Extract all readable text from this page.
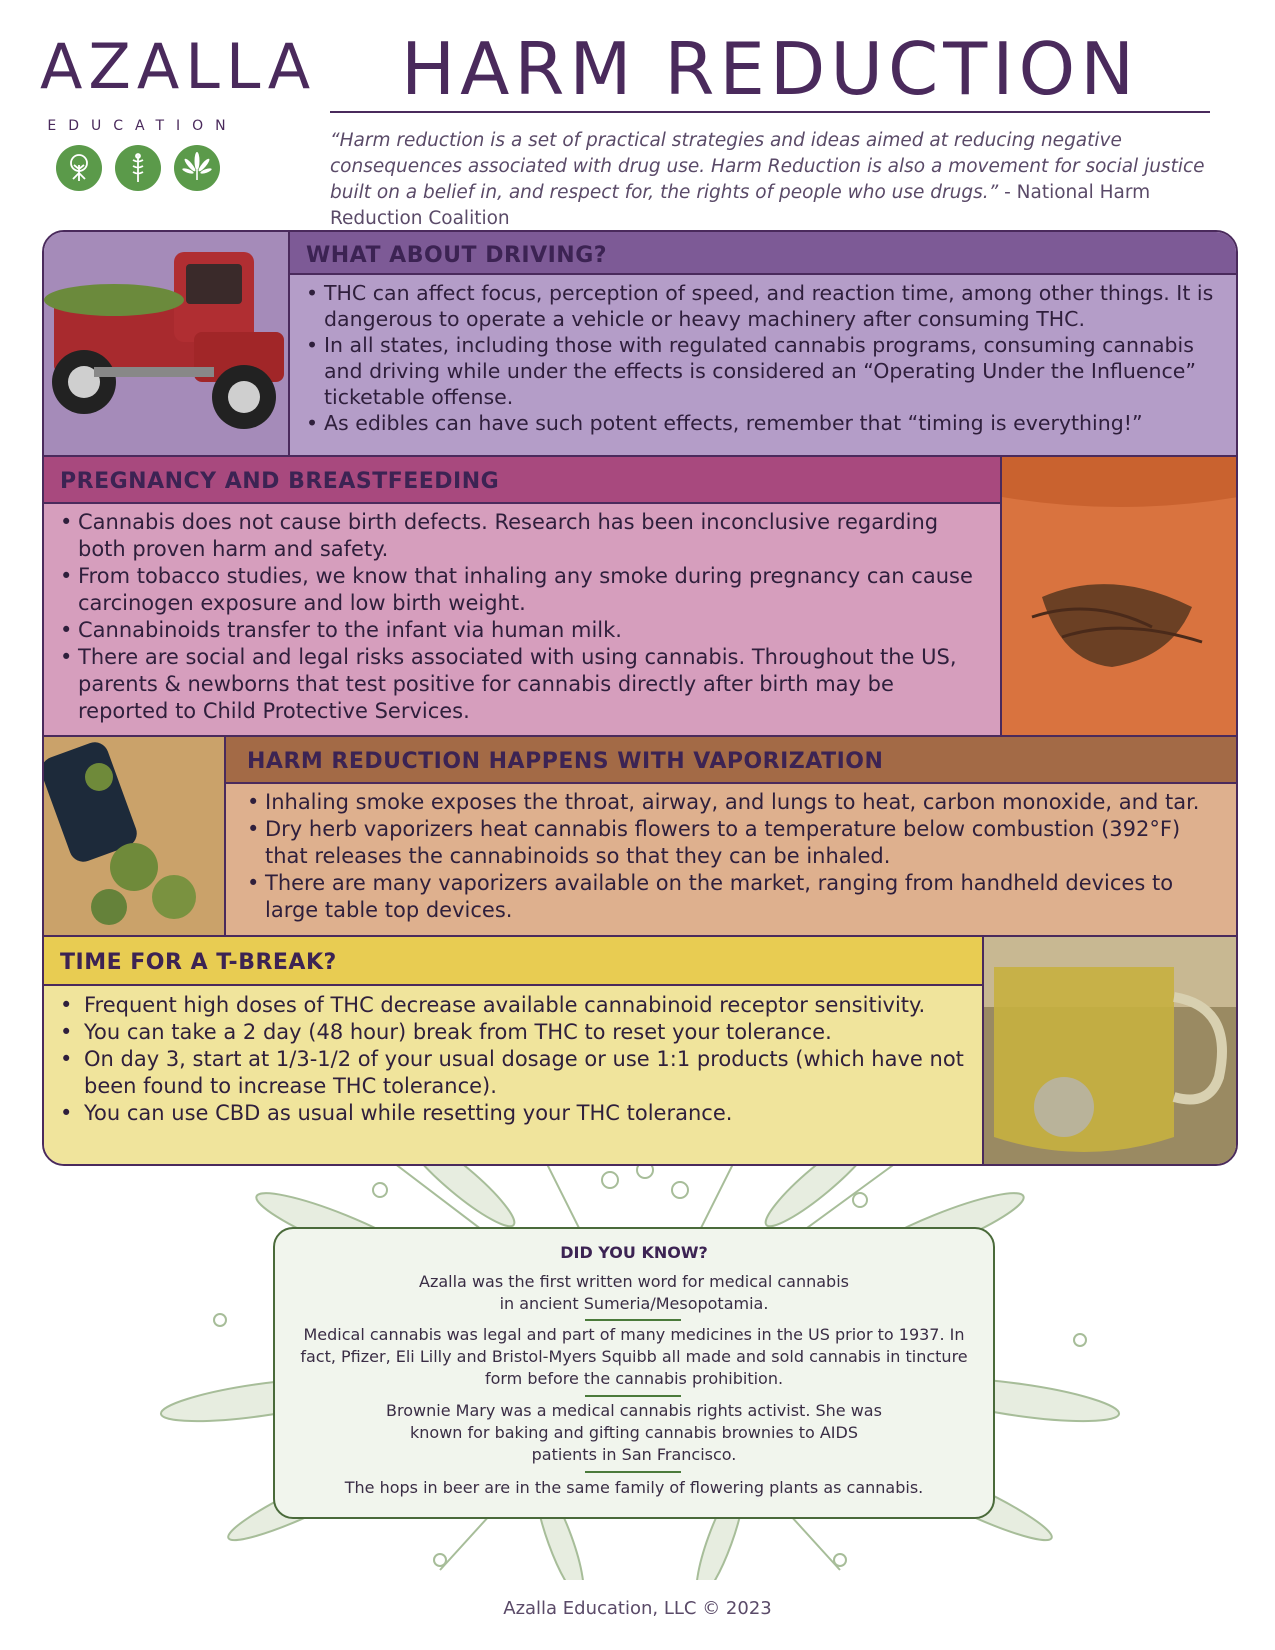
AZALLA
EDUCATION
HARM REDUCTION
“Harm reduction is a set of practical strategies and ideas aimed at reducing negative consequences associated with drug use. Harm Reduction is also a movement for social justice built on a belief in, and respect for, the rights of people who use drugs.” - National Harm Reduction Coalition
WHAT ABOUT DRIVING?
• THC can affect focus, perception of speed, and reaction time, among other things. It is dangerous to operate a vehicle or heavy machinery after consuming THC.
• In all states, including those with regulated cannabis programs, consuming cannabis and driving while under the effects is considered an “Operating Under the Influence” ticketable offense.
• As edibles can have such potent effects, remember that “timing is everything!”
PREGNANCY AND BREASTFEEDING
• Cannabis does not cause birth defects. Research has been inconclusive regarding both proven harm and safety.
• From tobacco studies, we know that inhaling any smoke during pregnancy can cause carcinogen exposure and low birth weight.
• Cannabinoids transfer to the infant via human milk.
• There are social and legal risks associated with using cannabis. Throughout the US, parents & newborns that test positive for cannabis directly after birth may be reported to Child Protective Services.
HARM REDUCTION HAPPENS WITH VAPORIZATION
• Inhaling smoke exposes the throat, airway, and lungs to heat, carbon monoxide, and tar.
• Dry herb vaporizers heat cannabis flowers to a temperature below combustion (392°F) that releases the cannabinoids so that they can be inhaled.
• There are many vaporizers available on the market, ranging from handheld devices to large table top devices.
TIME FOR A T-BREAK?
• Frequent high doses of THC decrease available cannabinoid receptor sensitivity.
• You can take a 2 day (48 hour) break from THC to reset your tolerance.
• On day 3, start at 1/3-1/2 of your usual dosage or use 1:1 products (which have not been found to increase THC tolerance).
• You can use CBD as usual while resetting your THC tolerance.
DID YOU KNOW?
Azalla was the first written word for medical cannabis in ancient Sumeria/Mesopotamia.
Medical cannabis was legal and part of many medicines in the US prior to 1937. In fact, Pfizer, Eli Lilly and Bristol-Myers Squibb all made and sold cannabis in tincture form before the cannabis prohibition.
Brownie Mary was a medical cannabis rights activist. She was known for baking and gifting cannabis brownies to AIDS patients in San Francisco.
The hops in beer are in the same family of flowering plants as cannabis.
Azalla Education, LLC © 2023
